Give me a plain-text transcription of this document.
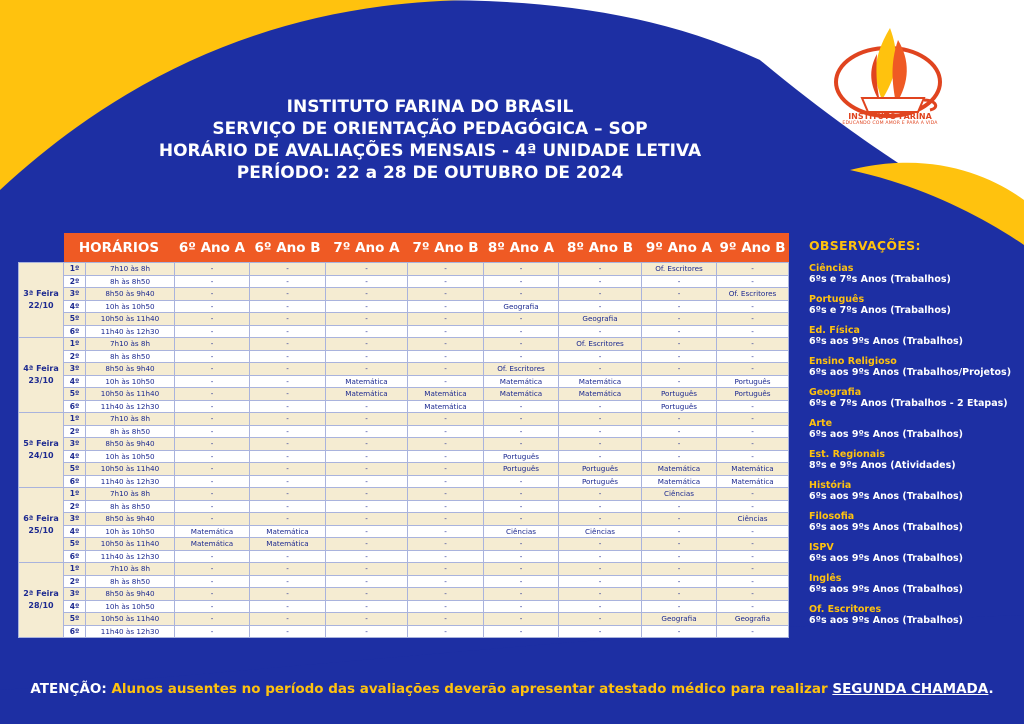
INSTITUTO FARINA DO BRASIL
SERVIÇO DE ORIENTAÇÃO PEDAGÓGICA – SOP
HORÁRIO DE AVALIAÇÕES MENSAIS - 4ª UNIDADE LETIVA
PERÍODO: 22 a 28 DE OUTUBRO DE 2024
INSTITUTO FARINA
EDUCANDO COM AMOR E PARA A VIDA
	HORÁRIOS		6º Ano A	6º Ano B	7º Ano A	7º Ano B	8º Ano A	8º Ano B	9º Ano A	9º Ano B

3ª Feira
22/10	1º	7h10 às 8h	-	-	-	-	-	-	Of. Escritores	-
	2º	8h às 8h50	-	-	-	-	-	-	-	-
	3º	8h50 às 9h40	-	-	-	-	-	-	-	Of. Escritores
	4º	10h às 10h50	-	-	-	-	Geografia	-	-	-
	5º	10h50 às 11h40	-	-	-	-	-	Geografia	-	-
	6º	11h40 às 12h30	-	-	-	-	-	-	-	-

4ª Feira
23/10	1º	7h10 às 8h	-	-	-	-	-	Of. Escritores	-	-
	2º	8h às 8h50	-	-	-	-	-	-	-	-
	3º	8h50 às 9h40	-	-	-	-	Of. Escritores	-	-	-
	4º	10h às 10h50	-	-	Matemática	-	Matemática	Matemática	-	Português
	5º	10h50 às 11h40	-	-	Matemática	Matemática	Matemática	Matemática	Português	Português
	6º	11h40 às 12h30	-	-	-	Matemática	-	-	Português	-

5ª Feira
24/10	1º	7h10 às 8h	-	-	-	-	-	-	-	-
	2º	8h às 8h50	-	-	-	-	-	-	-	-
	3º	8h50 às 9h40	-	-	-	-	-	-	-	-
	4º	10h às 10h50	-	-	-	-	Português	-	-	-
	5º	10h50 às 11h40	-	-	-	-	Português	Português	Matemática	Matemática
	6º	11h40 às 12h30	-	-	-	-	-	Português	Matemática	Matemática

6ª Feira
25/10	1º	7h10 às 8h	-	-	-	-	-	-	Ciências	-
	2º	8h às 8h50	-	-	-	-	-	-	-	-
	3º	8h50 às 9h40	-	-	-	-	-	-	-	Ciências
	4º	10h às 10h50	Matemática	Matemática	-	-	Ciências	Ciências	-	-
	5º	10h50 às 11h40	Matemática	Matemática	-	-	-	-	-	-
	6º	11h40 às 12h30	-	-	-	-	-	-	-	-

2ª Feira
28/10	1º	7h10 às 8h	-	-	-	-	-	-	-	-
	2º	8h às 8h50	-	-	-	-	-	-	-	-
	3º	8h50 às 9h40	-	-	-	-	-	-	-	-
	4º	10h às 10h50	-	-	-	-	-	-	-	-
	5º	10h50 às 11h40	-	-	-	-	-	-	Geografia	Geografia
	6º	11h40 às 12h30	-	-	-	-	-	-	-	-
OBSERVAÇÕES:
Ciências
6ºs e 7ºs Anos (Trabalhos)
Português
6ºs e 7ºs Anos (Trabalhos)
Ed. Física
6ºs aos 9ºs Anos (Trabalhos)
Ensino Religioso
6ºs aos 9ºs Anos (Trabalhos/Projetos)
Geografia
6ºs e 7ºs Anos (Trabalhos - 2 Etapas)
Arte
6ºs aos 9ºs Anos (Trabalhos)
Est. Regionais
8ºs e 9ºs Anos (Atividades)
História
6ºs aos 9ºs Anos (Trabalhos)
Filosofia
6ºs aos 9ºs Anos (Trabalhos)
ISPV
6ºs aos 9ºs Anos (Trabalhos)
Inglês
6ºs aos 9ºs Anos (Trabalhos)
Of. Escritores
6ºs aos 9ºs Anos (Trabalhos)
ATENÇÃO: Alunos ausentes no período das avaliações deverão apresentar atestado médico para realizar SEGUNDA CHAMADA.
